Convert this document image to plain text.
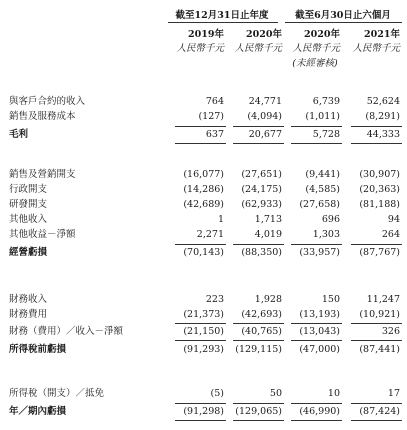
截至12月31日止年度	截至6月30日止六個月
2019年	2020年	2020年	2021年
人民幣千元	人民幣千元	人民幣千元	人民幣千元
(未經審核)
與客戶合約的收入	764	24,771	6,739	52,624
銷售及服務成本	(127)	(4,094)	(1,011)	(8,291)
毛利	637	20,677	5,728	44,333
銷售及營銷開支	(16,077)	(27,651)	(9,441)	(30,907)
行政開支	(14,286)	(24,175)	(4,585)	(20,363)
研發開支	(42,689)	(62,933)	(27,658)	(81,188)
其他收入	1	1,713	696	94
其他收益－淨額	2,271	4,019	1,303	264
經營虧損	(70,143)	(88,350)	(33,957)	(87,767)
財務收入	223	1,928	150	11,247
財務費用	(21,373)	(42,693)	(13,193)	(10,921)
財務（費用）／收入－淨額	(21,150)	(40,765)	(13,043)	326
所得稅前虧損	(91,293)	(129,115)	(47,000)	(87,441)
所得稅（開支）／抵免	(5)	50	10	17
年／期內虧損	(91,298)	(129,065)	(46,990)	(87,424)
